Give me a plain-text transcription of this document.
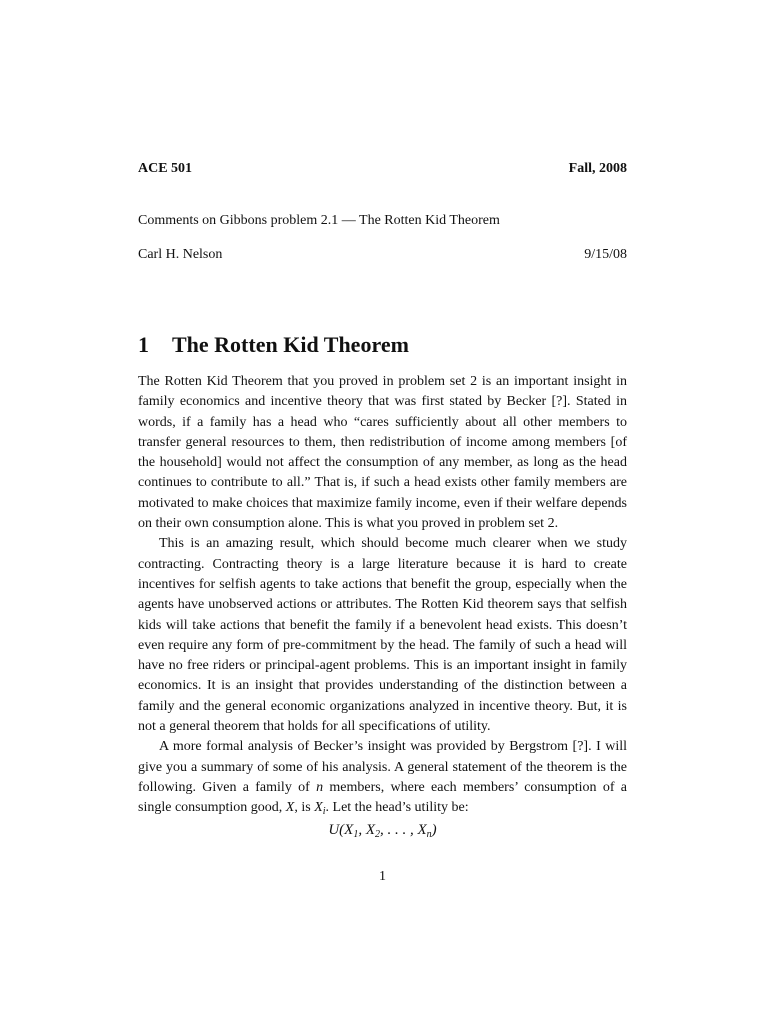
ACE 501	Fall, 2008
Comments on Gibbons problem 2.1 — The Rotten Kid Theorem
Carl H. Nelson	9/15/08
1 The Rotten Kid Theorem

The Rotten Kid Theorem that you proved in problem set 2 is an important insight in family economics and incentive theory that was first stated by Becker [?]. Stated in words, if a family has a head who “cares sufficiently about all other members to transfer general resources to them, then redistribution of income among members [of the household] would not affect the consumption of any member, as long as the head continues to contribute to all.” That is, if such a head exists other family members are motivated to make choices that maximize family income, even if their welfare depends on their own consumption alone. This is what you proved in problem set 2.

This is an amazing result, which should become much clearer when we study contracting. Contracting theory is a large literature because it is hard to create incentives for selfish agents to take actions that benefit the group, especially when the agents have unobserved actions or attributes. The Rotten Kid theorem says that selfish kids will take actions that benefit the family if a benevolent head exists. This doesn’t even require any form of pre-commitment by the head. The family of such a head will have no free riders or principal-agent problems. This is an important insight in family economics. It is an insight that provides understanding of the distinction between a family and the general economic organizations analyzed in incentive theory. But, it is not a general theorem that holds for all specifications of utility.

A more formal analysis of Becker’s insight was provided by Bergstrom [?]. I will give you a summary of some of his analysis. A general statement of the theorem is the following. Given a family of n members, where each members’ consumption of a single consumption good, X, is $X_i$. Let the head’s utility be:

$U(X_1$, $X_2$, . . . , $X_n$)
1
